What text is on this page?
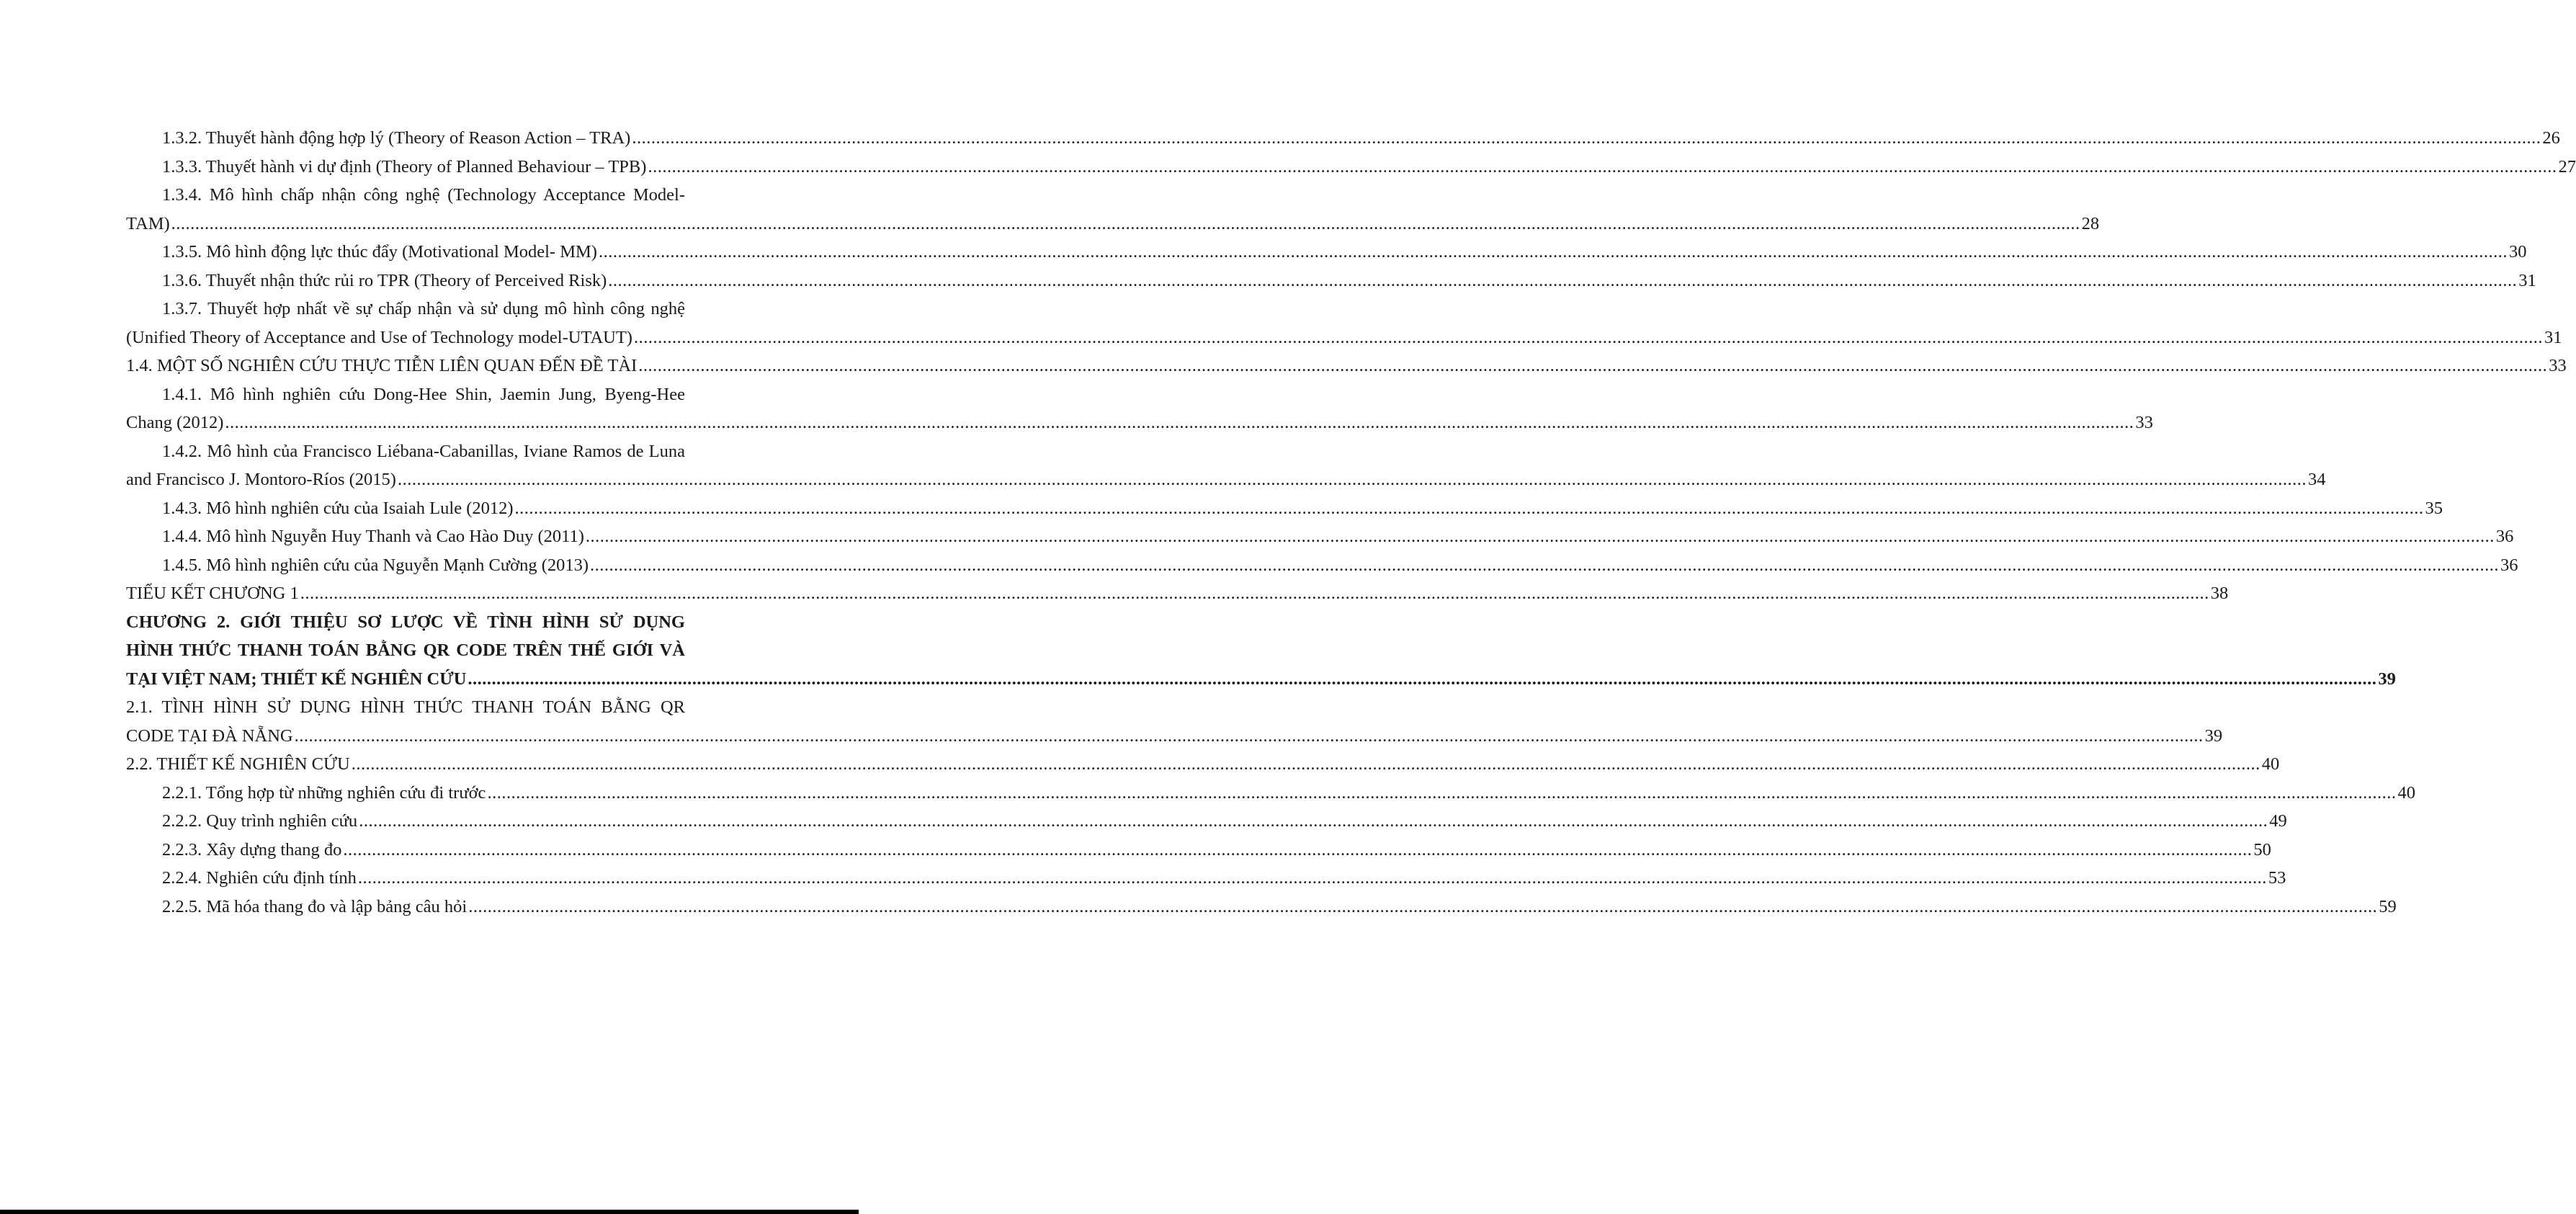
1.3.2. Thuyết hành động hợp lý (Theory of Reason Action – TRA) ................................................................................................................................................................................................................................................................................................................................................................................................................ 26
1.3.3. Thuyết hành vi dự định (Theory of Planned Behaviour – TPB) ................................................................................................................................................................................................................................................................................................................................................................................................................ 27
1.3.4. Mô hình chấp nhận công nghệ (Technology Acceptance Model-
TAM) ................................................................................................................................................................................................................................................................................................................................................................................................................ 28
1.3.5. Mô hình động lực thúc đẩy (Motivational Model- MM) ................................................................................................................................................................................................................................................................................................................................................................................................................ 30
1.3.6. Thuyết nhận thức rủi ro TPR (Theory of Perceived Risk) ................................................................................................................................................................................................................................................................................................................................................................................................................ 31
1.3.7. Thuyết hợp nhất về sự chấp nhận và sử dụng mô hình công nghệ
(Unified Theory of Acceptance and Use of Technology model-UTAUT) ................................................................................................................................................................................................................................................................................................................................................................................................................ 31
1.4. MỘT SỐ NGHIÊN CỨU THỰC TIỄN LIÊN QUAN ĐẾN ĐỀ TÀI ................................................................................................................................................................................................................................................................................................................................................................................................................ 33
1.4.1. Mô hình nghiên cứu Dong-Hee Shin, Jaemin Jung, Byeng-Hee
Chang (2012) ................................................................................................................................................................................................................................................................................................................................................................................................................ 33
1.4.2. Mô hình của Francisco Liébana-Cabanillas, Iviane Ramos de Luna
and Francisco J. Montoro-Ríos (2015) ................................................................................................................................................................................................................................................................................................................................................................................................................ 34
1.4.3. Mô hình nghiên cứu của Isaiah Lule (2012) ................................................................................................................................................................................................................................................................................................................................................................................................................ 35
1.4.4. Mô hình Nguyễn Huy Thanh và Cao Hào Duy (2011) ................................................................................................................................................................................................................................................................................................................................................................................................................ 36
1.4.5. Mô hình nghiên cứu của Nguyễn Mạnh Cường (2013) ................................................................................................................................................................................................................................................................................................................................................................................................................ 36
TIỂU KẾT CHƯƠNG 1 ................................................................................................................................................................................................................................................................................................................................................................................................................ 38
CHƯƠNG 2. GIỚI THIỆU SƠ LƯỢC VỀ TÌNH HÌNH SỬ DỤNG
HÌNH THỨC THANH TOÁN BẰNG QR CODE TRÊN THẾ GIỚI VÀ
TẠI VIỆT NAM; THIẾT KẾ NGHIÊN CỨU ................................................................................................................................................................................................................................................................................................................................................................................................................ 39
2.1. TÌNH HÌNH SỬ DỤNG HÌNH THỨC THANH TOÁN BẰNG QR
CODE TẠI ĐÀ NẴNG ................................................................................................................................................................................................................................................................................................................................................................................................................ 39
2.2. THIẾT KẾ NGHIÊN CỨU ................................................................................................................................................................................................................................................................................................................................................................................................................ 40
2.2.1. Tổng hợp từ những nghiên cứu đi trước ................................................................................................................................................................................................................................................................................................................................................................................................................ 40
2.2.2. Quy trình nghiên cứu ................................................................................................................................................................................................................................................................................................................................................................................................................ 49
2.2.3. Xây dựng thang đo ................................................................................................................................................................................................................................................................................................................................................................................................................ 50
2.2.4. Nghiên cứu định tính ................................................................................................................................................................................................................................................................................................................................................................................................................ 53
2.2.5. Mã hóa thang đo và lập bảng câu hỏi ................................................................................................................................................................................................................................................................................................................................................................................................................ 59
